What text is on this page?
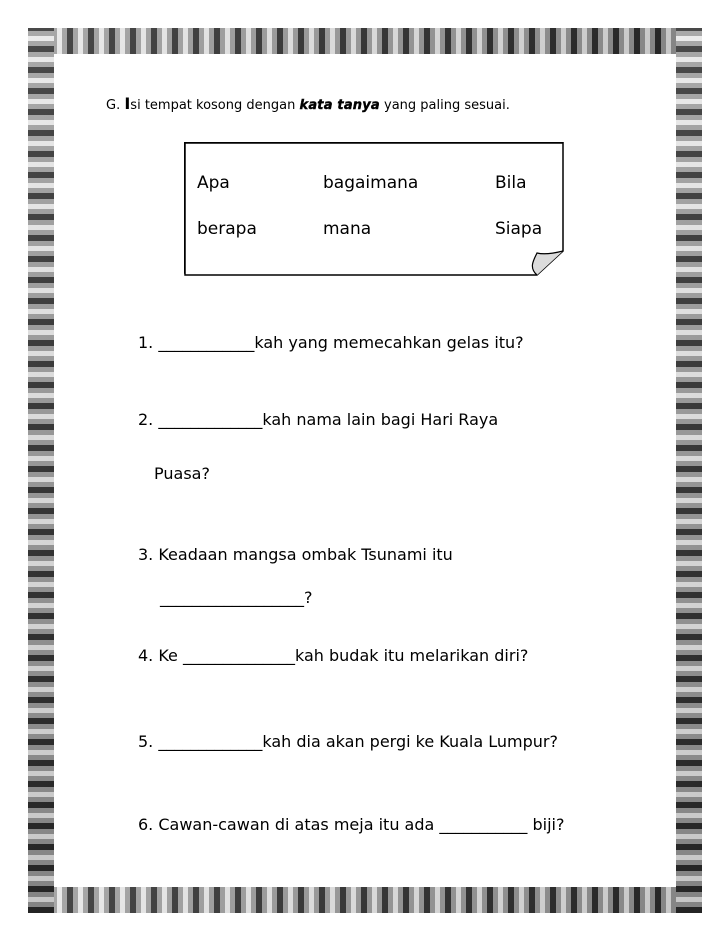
G. Isi tempat kosong dengan kata tanya yang paling sesuai.
Apa	bagaimana	Bila
berapa	mana	Siapa
1. ____________kah yang memecahkan gelas itu?
2. _____________kah nama lain bagi Hari Raya
Puasa?
3. Keadaan mangsa ombak Tsunami itu
__________________?
4. Ke ______________kah budak itu melarikan diri?
5. _____________kah dia akan pergi ke Kuala Lumpur?
6. Cawan-cawan di atas meja itu ada ___________ biji?
